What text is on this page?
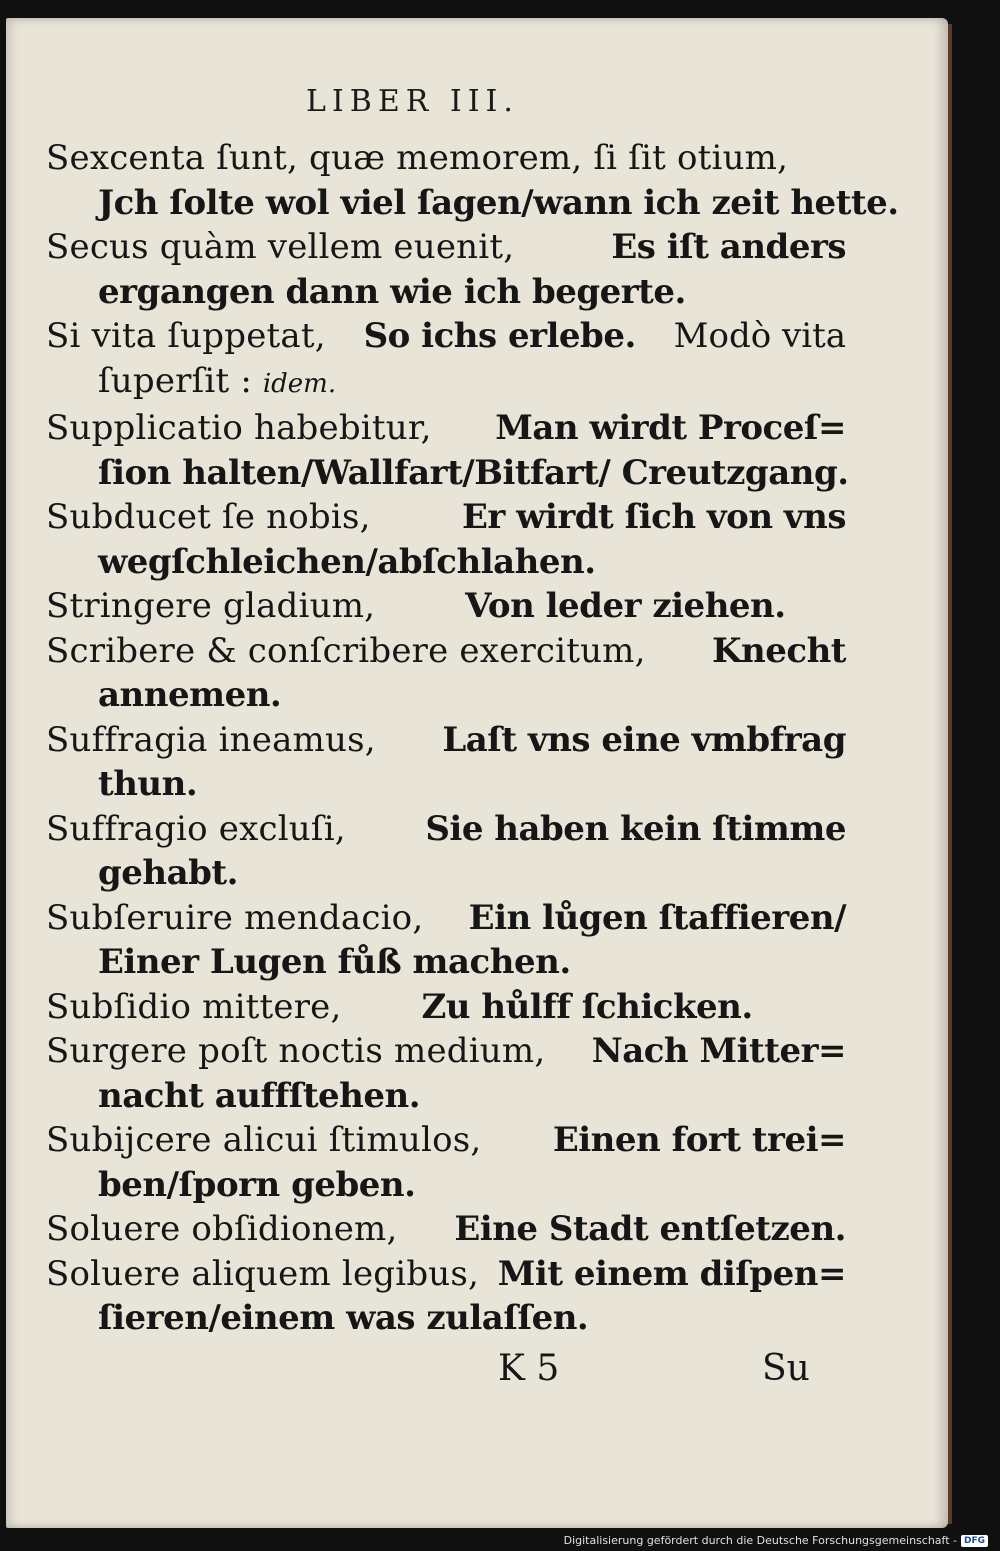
LIBER III.
Sexcenta ſunt, quæ memorem, ſi ſit otium,
Jch ſolte wol viel ſagen/wann ich zeit hette.
Secus quàm vellem euenit,	Es iſt anders
ergangen dann wie ich begerte.
Si vita ſuppetat, So ichs erlebe. Modò vita
ſuperſit :
idem.
Supplicatio habebitur, Man wirdt Proceſ=
ſion halten/Wallfart/Bitfart/ Creutzgang.
Subducet ſe nobis,	Er wirdt ſich von vns
wegſchleichen/abſchlahen.
Stringere gladium,	Von leder ziehen.
Scribere & conſcribere exercitum, Knecht
annemen.
Suffragia ineamus, Laſt vns eine vmbfrag
thun.
Suffragio excluſi, Sie haben kein ſtimme
gehabt.
Subſeruire mendacio, Ein lůgen ſtaffieren/
Einer Lugen fůß machen.
Subſidio mittere, Zu hůlff ſchicken.
Surgere poſt noctis medium, Nach Mitter=
nacht auffſtehen.
Subijcere alicui ſtimulos, Einen fort trei=
ben/ſporn geben.
Soluere obſidionem, Eine Stadt entſetzen.
Soluere aliquem legibus, Mit einem diſpen=
ſieren/einem was zulaſſen.
K 5	Su
Digitalisierung gefördert durch die Deutsche Forschungsgemeinschaft - DFG
